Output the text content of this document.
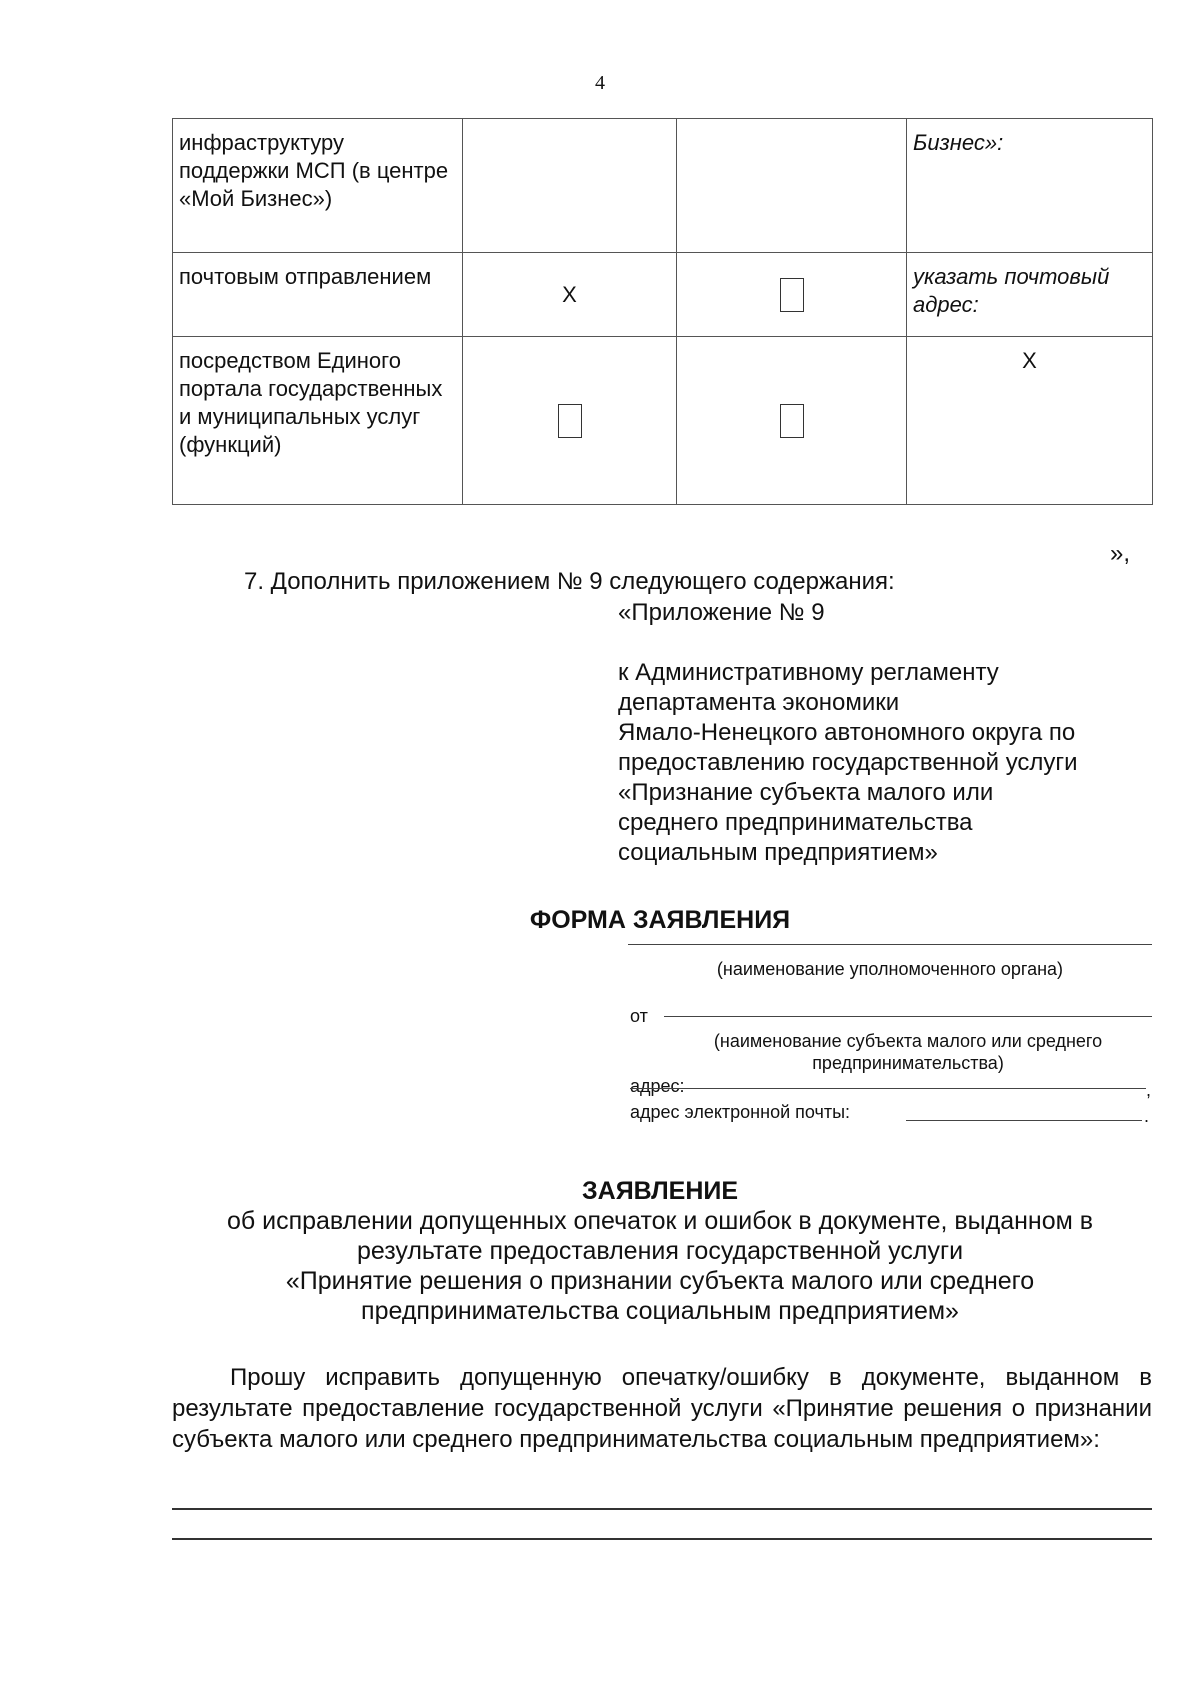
4
инфраструктуру поддержки МСП (в центре «Мой Бизнес»)			Бизнес»:
почтовым отправлением	Х		указать почтовый адрес:
посредством Единого портала государственных и муниципальных услуг (функций)			Х
»,
7. Дополнить приложением № 9 следующего содержания:
«Приложение № 9
к Административному регламенту
департамента экономики
Ямало-Ненецкого автономного округа по
предоставлению государственной услуги
«Признание субъекта малого или
среднего предпринимательства
социальным предприятием»
ФОРМА ЗАЯВЛЕНИЯ
(наименование уполномоченного органа)
от
(наименование субъекта малого или среднего
предпринимательства)
адрес:	,
адрес электронной почты:	.
ЗАЯВЛЕНИЕ
об исправлении допущенных опечаток и ошибок в документе, выданном в
результате предоставления государственной услуги
«Принятие решения о признании субъекта малого или среднего
предпринимательства социальным предприятием»
Прошу исправить допущенную опечатку/ошибку в документе, выданном в результате предоставление государственной услуги «Принятие решения о признании субъекта малого или среднего предпринимательства социальным предприятием»:
